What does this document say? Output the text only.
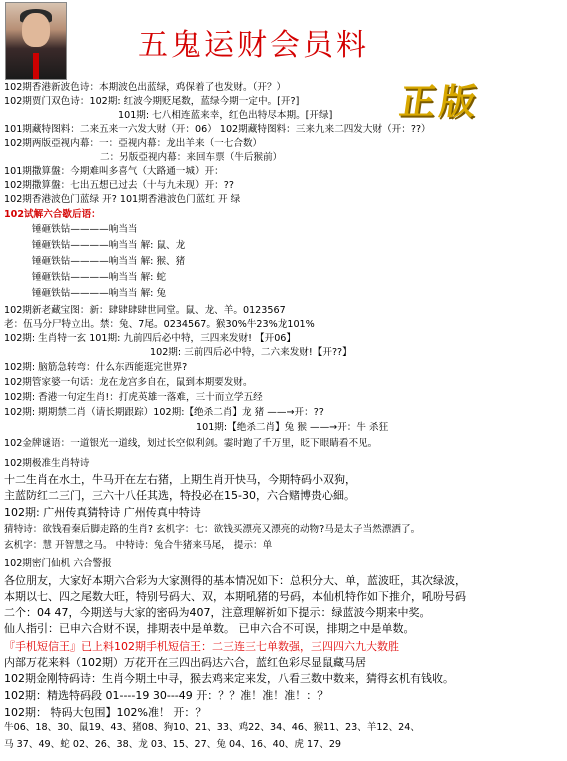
五鬼运财会员料
正版
102期香港新波色诗：本期波色出蓝绿，鸡保着了也发财。（开？）
102期贾门双色诗：102期: 红波今期贬尾数，蓝绿今期一定中。[开?]
101期: 七八相连蓝来幸，红色出特尽本期。[开绿]
101期藏特图料：二来五来一六发大财（开：06） 102期藏特图料：三来九来二四发大财（开：??）
102期两版亞视内幕：一：亞视内幕：龙出羊来（一七合数）
二：另版亞视内幕：来回车票（牛后猴前）
101期撒算盤：今期难叫多喜气（大路通一城）开：
102期撒算盤：七出五想已过去（十与九未现）开：??
102期香港波色门蓝绿 开? 101期香港波色门蓝红 开 绿
102试解六合歇后语：
锤砸铁钻————响当当
锤砸铁钻————响当当 解: 鼠、龙
锤砸铁钻————响当当 解: 猴、猪
锤砸铁钻————响当当 解: 蛇
锤砸铁钻————响当当 解: 兔
102期新老藏宝图：新：肆肆肆肆世同堂。鼠、龙、羊。0123567
老：伍马分尸特立出。禁：兔、7尾。0234567。猴30%牛23%龙101%
102期: 生肖特一玄 101期: 九前四后必中特，三四来发财! 【开06】
102期: 三前四后必中特，二六来发财!【开??】
102期: 脑筋急转弯：什么东西能逛完世界?
102期管家婆一句话：龙在龙宫多自在，鼠到本期要发财。
102期: 香港一句定生肖!：打虎英雄一落难，三十而立学五经
102期: 期期禁二肖（请长期跟踪）102期:【绝杀二肖】龙 猪 ——→开：??
101期:【绝杀二肖】兔 猴 ——→开：牛 杀狂
102金牌谜语：一道银光一道线，划过长空似利剑。霎时跑了千万里，眨下眼睛看不见。
102期极准生肖特诗
十二生肖在水土，牛马开在左右猪，上期生肖开快马，今期特码小双狗，
主蓝防红二三门，三六十八任其选，特投必在15-30，六合赌博贵心細。
102期: 广州传真猜特诗 广州传真中特诗
猜特诗：欲钱看秦后脚走路的生肖? 玄机字：七：欲钱买漂亮又漂亮的动物?马是太子当然漂洒了。
玄机字：慧 开智慧之马。 中特诗：兔合牛猪来马尾， 提示：单
102期密门仙机 六合警报
各位朋友，大家好本期六合彩为大家测得的基本情况如下：总积分大、单，蓝波旺，其次绿波，
本期以七、四之尾数大旺，特别号码大、双，本期吼猪的号码，本仙机特作如下推介，吼吩号码
二个：04 47，今期送与大家的密码为407，注意理解祈如下提示：绿蓝波今期来中奖。
仙人指引：已申六合财不误，排期表中是单数。 已申六合不可误，排期之中是单数。
『手机短信王』已上料102期手机短信王：二三连三七单数强，三四四六九大数胜
内部万花来料（102期）万花开在三四出码达六合，蓝红色彩尽显鼠藏马居
102期金刚特码诗：生肖今期土中寻，猴去鸡来定来发，八看三数中数来，猜得玄机有钱收。
102期：精选特码段 01----19 30---49 开：？？准！准！准！：？
102期： 特码大包围】102%准！ 开：？
牛06、18、30、鼠19、43、猪08、狗10、21、33、鸡22、34、46、猴11、23、羊12、24、
马 37、49、蛇 02、26、38、龙 03、15、27、兔 04、16、40、虎 17、29
